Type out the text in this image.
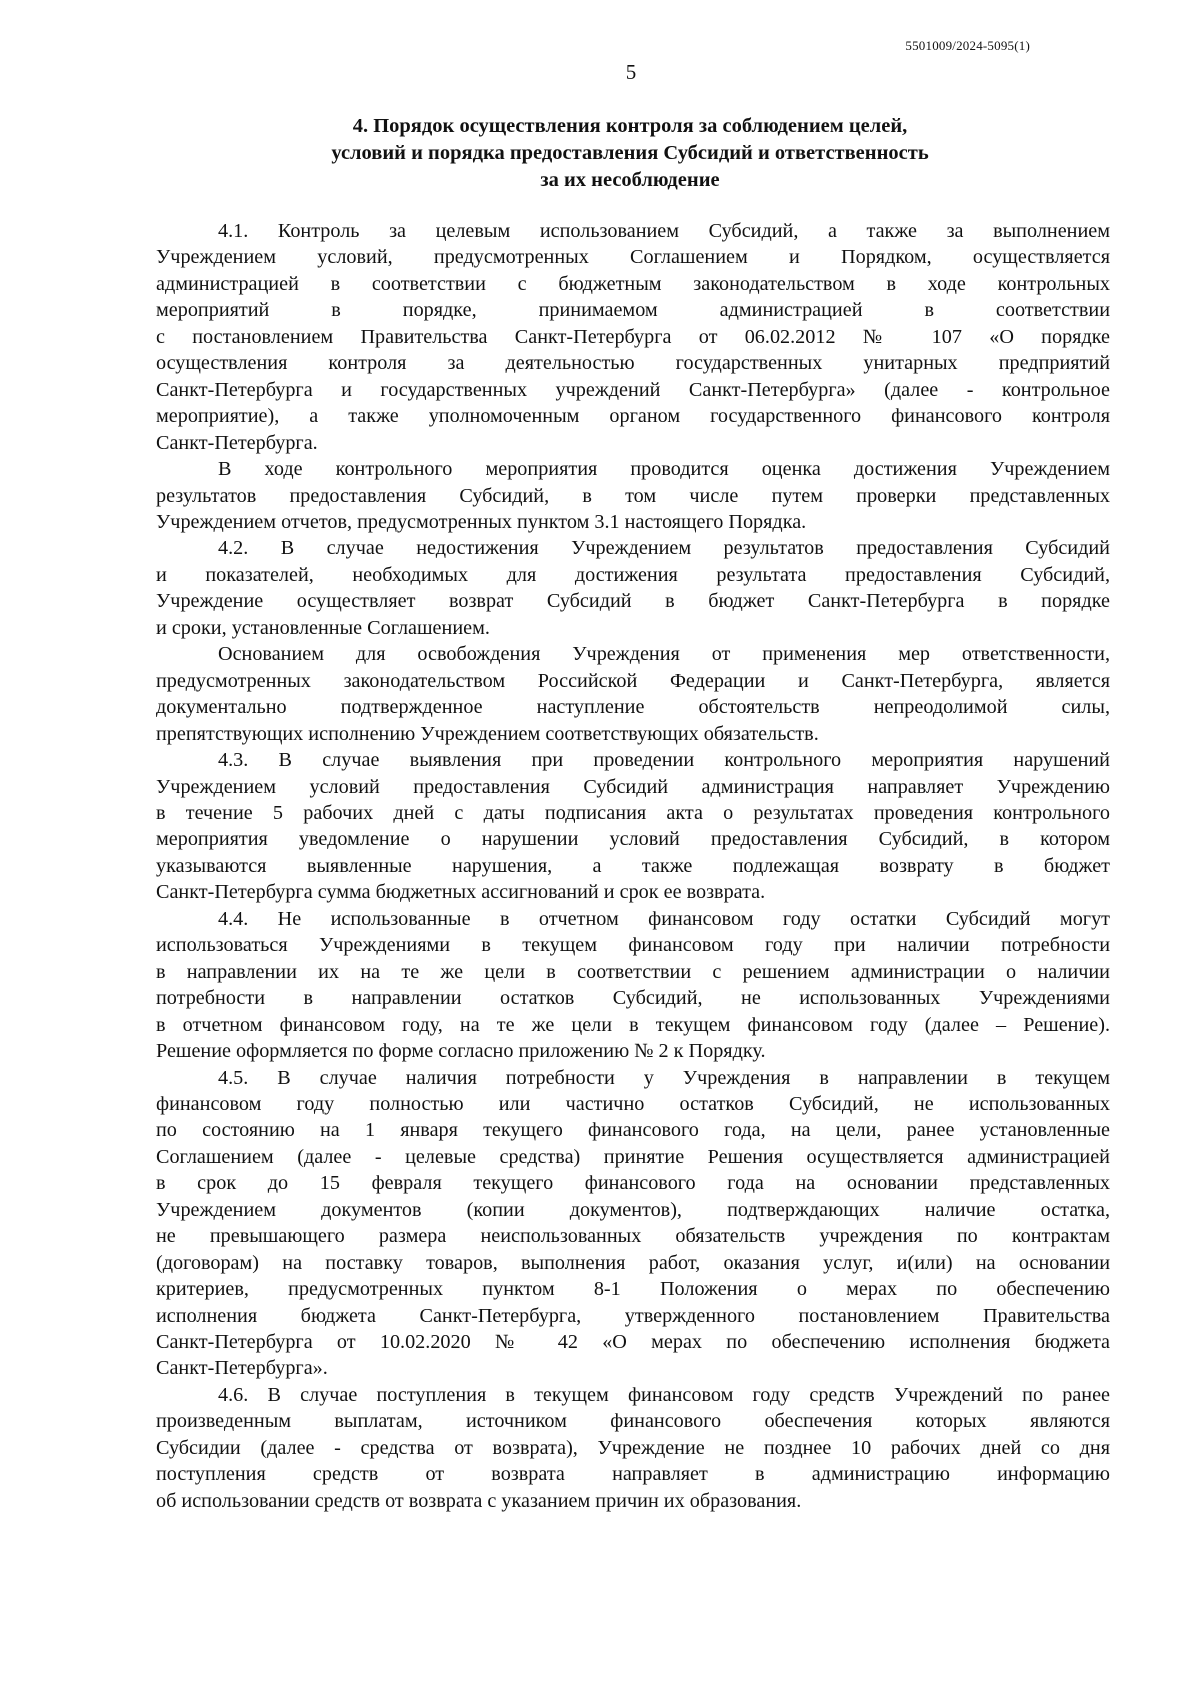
5501009/2024-5095(1)
5
4. Порядок осуществления контроля за соблюдением целей,
условий и порядка предоставления Субсидий и ответственность
за их несоблюдение
4.1. Контроль за целевым использованием Субсидий, а также за выполнением
Учреждением условий, предусмотренных Соглашением и Порядком, осуществляется
администрацией в соответствии с бюджетным законодательством в ходе контрольных
мероприятий в порядке, принимаемом администрацией в соответствии
с постановлением Правительства Санкт-Петербурга от 06.02.2012 № 107 «О порядке
осуществления контроля за деятельностью государственных унитарных предприятий
Санкт-Петербурга и государственных учреждений Санкт-Петербурга» (далее - контрольное
мероприятие), а также уполномоченным органом государственного финансового контроля
Санкт-Петербурга.
В ходе контрольного мероприятия проводится оценка достижения Учреждением
результатов предоставления Субсидий, в том числе путем проверки представленных
Учреждением отчетов, предусмотренных пунктом 3.1 настоящего Порядка.
4.2. В случае недостижения Учреждением результатов предоставления Субсидий
и показателей, необходимых для достижения результата предоставления Субсидий,
Учреждение осуществляет возврат Субсидий в бюджет Санкт-Петербурга в порядке
и сроки, установленные Соглашением.
Основанием для освобождения Учреждения от применения мер ответственности,
предусмотренных законодательством Российской Федерации и Санкт-Петербурга, является
документально подтвержденное наступление обстоятельств непреодолимой силы,
препятствующих исполнению Учреждением соответствующих обязательств.
4.3. В случае выявления при проведении контрольного мероприятия нарушений
Учреждением условий предоставления Субсидий администрация направляет Учреждению
в течение 5 рабочих дней с даты подписания акта о результатах проведения контрольного
мероприятия уведомление о нарушении условий предоставления Субсидий, в котором
указываются выявленные нарушения, а также подлежащая возврату в бюджет
Санкт-Петербурга сумма бюджетных ассигнований и срок ее возврата.
4.4. Не использованные в отчетном финансовом году остатки Субсидий могут
использоваться Учреждениями в текущем финансовом году при наличии потребности
в направлении их на те же цели в соответствии с решением администрации о наличии
потребности в направлении остатков Субсидий, не использованных Учреждениями
в отчетном финансовом году, на те же цели в текущем финансовом году (далее – Решение).
Решение оформляется по форме согласно приложению № 2 к Порядку.
4.5. В случае наличия потребности у Учреждения в направлении в текущем
финансовом году полностью или частично остатков Субсидий, не использованных
по состоянию на 1 января текущего финансового года, на цели, ранее установленные
Соглашением (далее - целевые средства) принятие Решения осуществляется администрацией
в срок до 15 февраля текущего финансового года на основании представленных
Учреждением документов (копии документов), подтверждающих наличие остатка,
не превышающего размера неиспользованных обязательств учреждения по контрактам
(договорам) на поставку товаров, выполнения работ, оказания услуг, и(или) на основании
критериев, предусмотренных пунктом 8-1 Положения о мерах по обеспечению
исполнения бюджета Санкт-Петербурга, утвержденного постановлением Правительства
Санкт-Петербурга от 10.02.2020 № 42 «О мерах по обеспечению исполнения бюджета
Санкт-Петербурга».
4.6. В случае поступления в текущем финансовом году средств Учреждений по ранее
произведенным выплатам, источником финансового обеспечения которых являются
Субсидии (далее - средства от возврата), Учреждение не позднее 10 рабочих дней со дня
поступления средств от возврата направляет в администрацию информацию
об использовании средств от возврата с указанием причин их образования.
